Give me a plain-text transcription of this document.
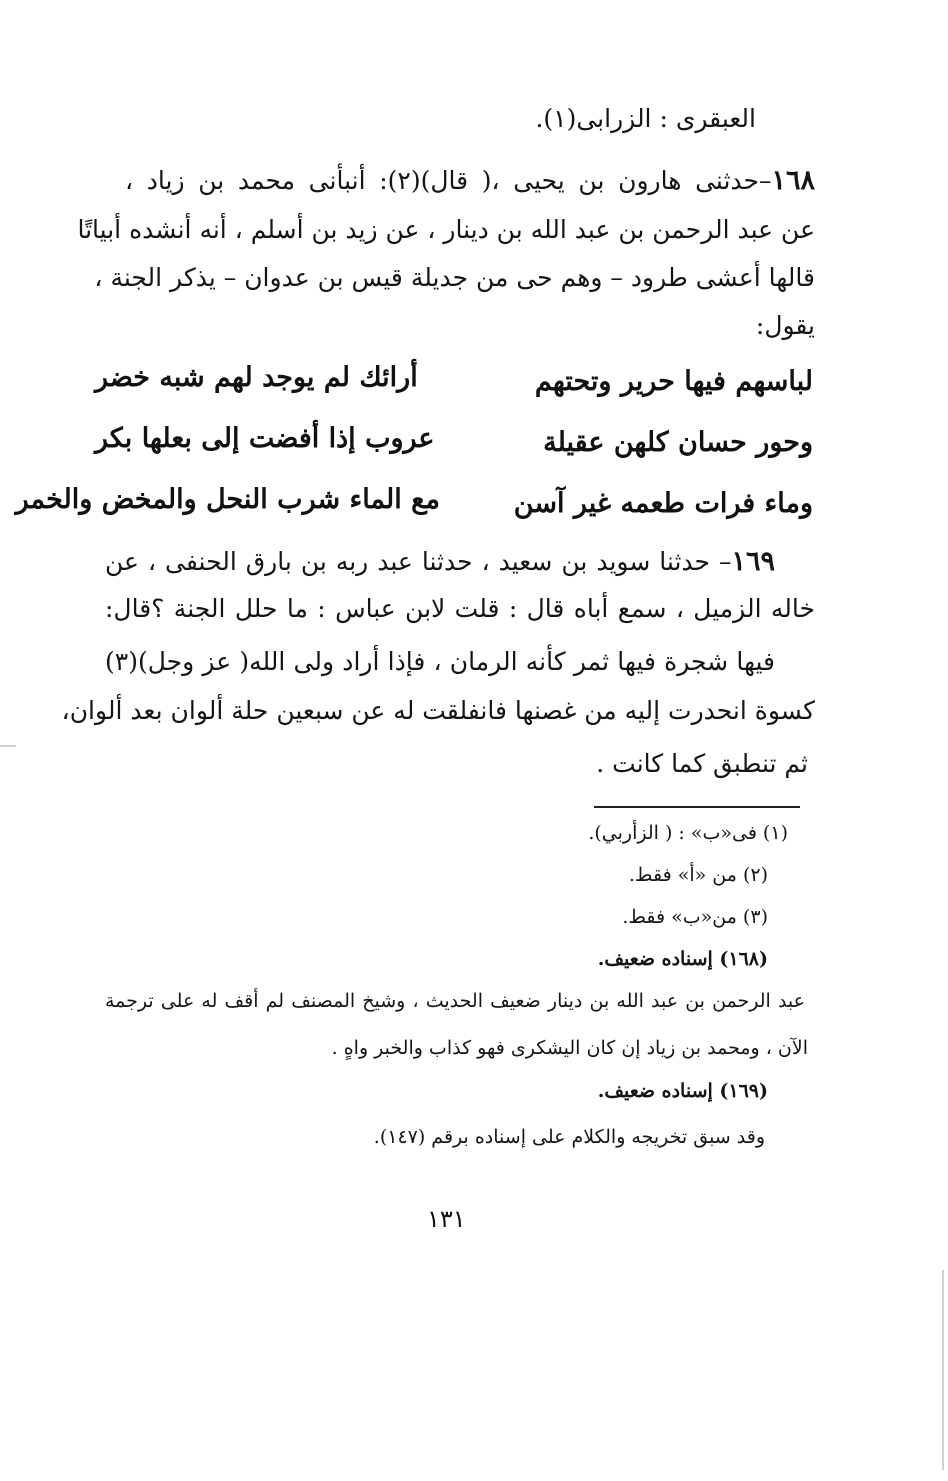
العبقرى : الزرابى(١).
١٦٨–حدثنى هارون بن يحيى ،( قال)(٢): أنبأنى محمد بن زياد ،
عن عبد الرحمن بن عبد الله بن دينار ، عن زيد بن أسلم ، أنه أنشده أبياتًا
قالها أعشى طرود – وهم حى من جديلة قيس بن عدوان – يذكر الجنة ،
يقول:
لباسهم فيها حرير وتحتهم
أرائك لم يوجد لهم شبه خضر
وحور حسان كلهن عقيلة
عروب إذا أفضت إلى بعلها بكر
وماء فرات طعمه غير آسن
مع الماء شرب النحل والمخض والخمر
١٦٩– حدثنا سويد بن سعيد ، حدثنا عبد ربه بن بارق الحنفى ، عن
خاله الزميل ، سمع أباه قال : قلت لابن عباس : ما حلل الجنة ؟قال:
فيها شجرة فيها ثمر كأنه الرمان ، فإذا أراد ولى الله( عز وجل)(٣)
كسوة انحدرت إليه من غصنها فانفلقت له عن سبعين حلة ألوان بعد ألوان،
ثم تنطبق كما كانت .
(١) فى«ب» : ( الزأربي).
(٢) من «أ» فقط.
(٣) من«ب» فقط.
(١٦٨) إسناده ضعيف.
عبد الرحمن بن عبد الله بن دينار ضعيف الحديث ، وشيخ المصنف لم أقف له على ترجمة
الآن ، ومحمد بن زياد إن كان اليشكرى فهو كذاب والخبر واهٍ .
(١٦٩) إسناده ضعيف.
وقد سبق تخريجه والكلام على إسناده برقم (١٤٧).
١٣١
